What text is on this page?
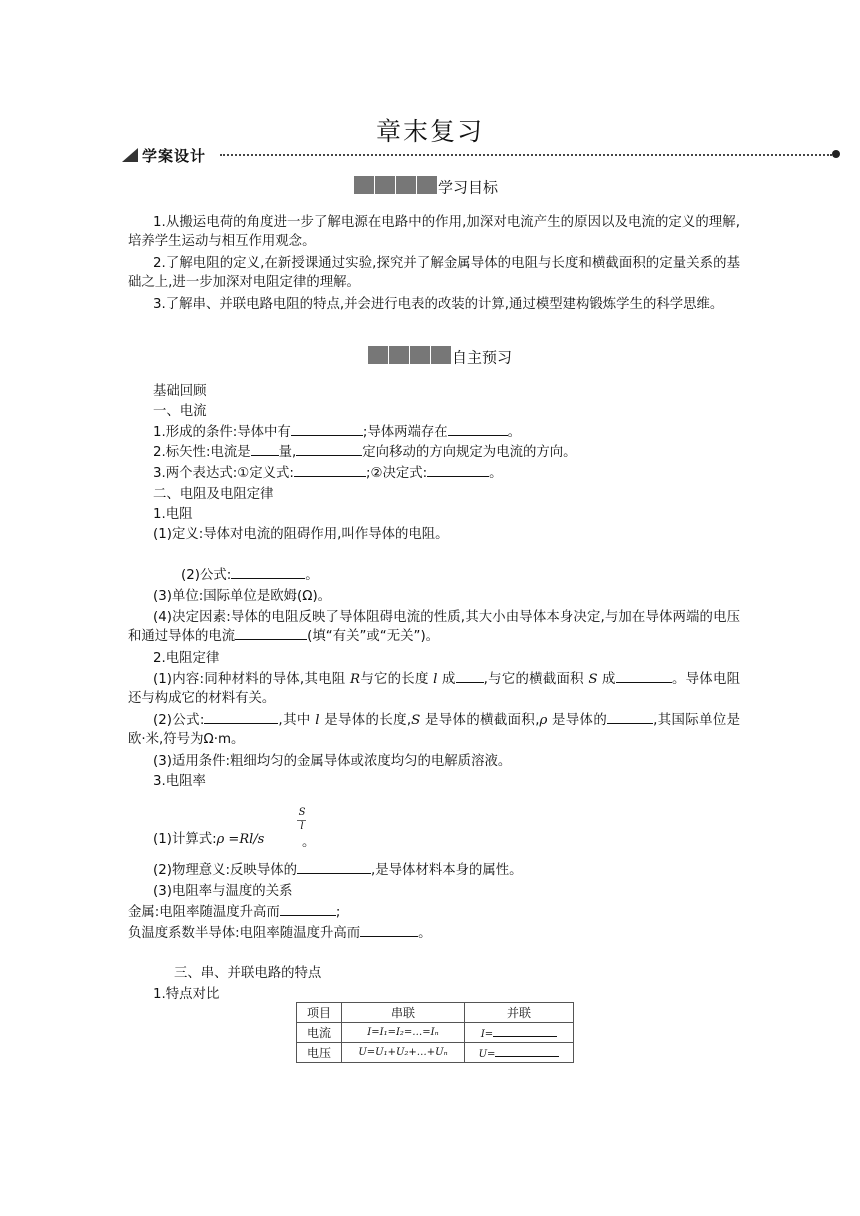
章末复习
学案设计
学习目标
1.从搬运电荷的角度进一步了解电源在电路中的作用,加深对电流产生的原因以及电流的定义的理解,培养学生运动与相互作用观念。
2.了解电阻的定义,在新授课通过实验,探究并了解金属导体的电阻与长度和横截面积的定量关系的基础之上,进一步加深对电阻定律的理解。
3.了解串、并联电路电阻的特点,并会进行电表的改装的计算,通过模型建构锻炼学生的科学思维。
自主预习
基础回顾
一、电流
1.形成的条件:导体中有	;导体两端存在	。
2.标矢性:电流是 量,	定向移动的方向规定为电流的方向。
3.两个表达式:①定义式:	;②决定式:	。
二、电阻及电阻定律
1.电阻
(1)定义:导体对电流的阻碍作用,叫作导体的电阻。
(2)公式:	。
(3)单位:国际单位是欧姆(Ω)。
(4)决定因素:导体的电阻反映了导体阻碍电流的性质,其大小由导体本身决定,与加在导体两端的电压和通过导体的电流	(填“有关”或“无关”)。
2.电阻定律
(1)内容:同种材料的导体,其电阻 R与它的长度 l 成 ,与它的横截面积 S 成	。导体电阻还与构成它的材料有关。
(2)公式:	,其中 l 是导体的长度,S 是导体的横截面积,ρ 是导体的	,其国际单位是欧·米,符号为Ω·m。
(3)适用条件:粗细均匀的金属导体或浓度均匀的电解质溶液。
3.电阻率
S
l
(1)计算式:ρ =Rl/s	。
(2)物理意义:反映导体的	,是导体材料本身的属性。
(3)电阻率与温度的关系
金属:电阻率随温度升高而	;
负温度系数半导体:电阻率随温度升高而	。
三、串、并联电路的特点
1.特点对比
项目	串联	并联
电流	I=I₁=I₂=…=Iₙ	I=
电压	U=U₁+U₂+…+Uₙ	U=
